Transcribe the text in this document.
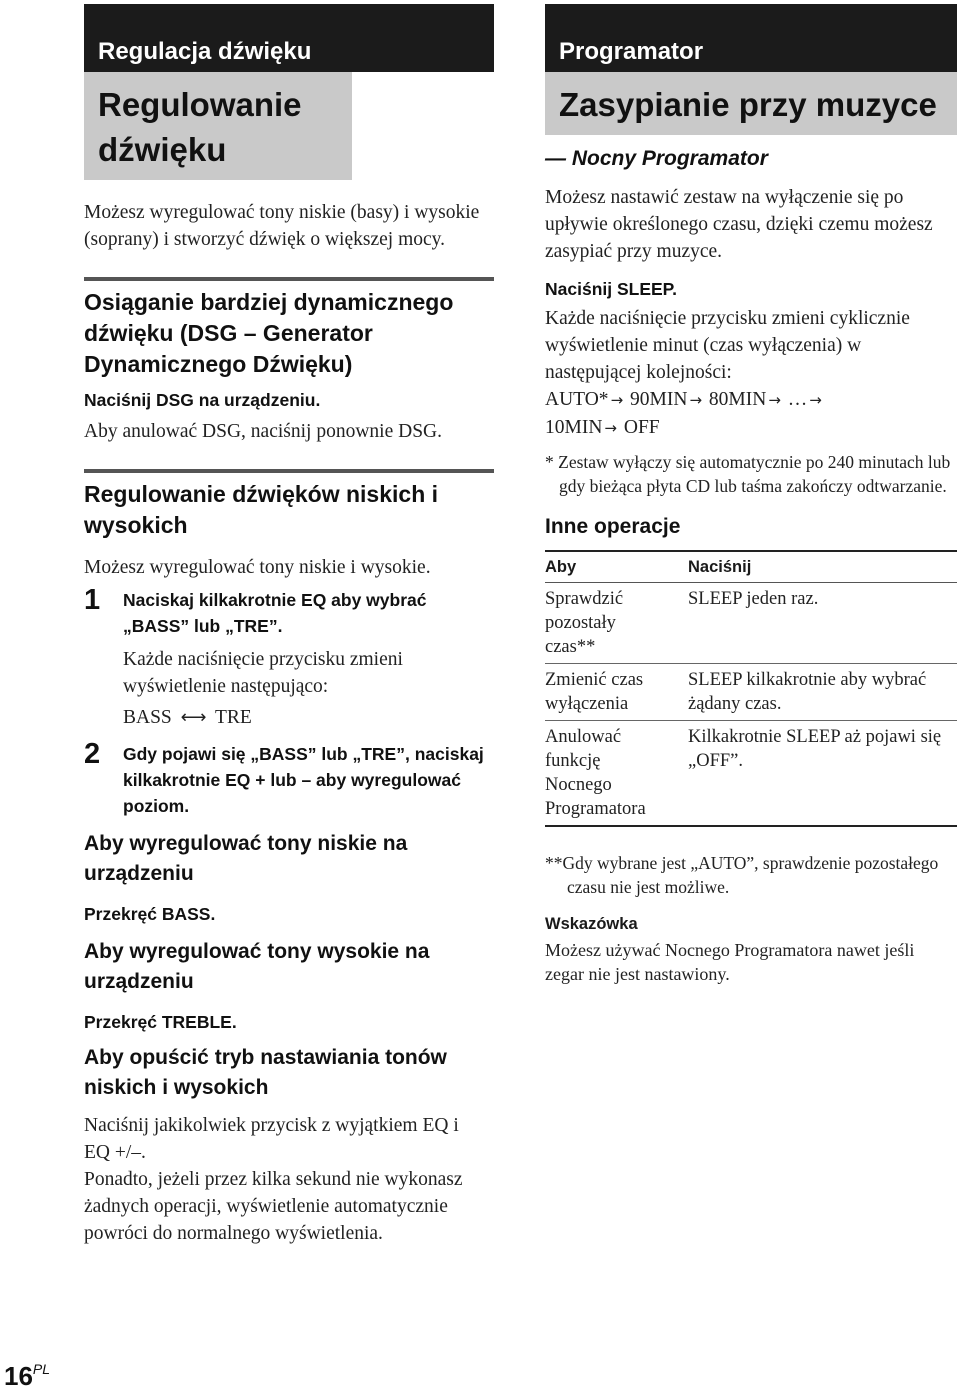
Regulacja dźwięku
Regulowanie dźwięku

Możesz wyregulować tony niskie (basy) i wysokie (soprany) i stworzyć dźwięk o większej mocy.

Osiąganie bardziej dynamicznego dźwięku (DSG – Generator Dynamicznego Dźwięku)
Naciśnij DSG na urządzeniu.

Aby anulować DSG, naciśnij ponownie DSG.

Regulowanie dźwięków niskich i wysokich

Możesz wyregulować tony niskie i wysokie.

1 Naciskaj kilkakrotnie EQ aby wybrać „BASS” lub „TRE”.

Każde naciśnięcie przycisku zmieni wyświetlenie następująco:

BASS ⟷ TRE

2 Gdy pojawi się „BASS” lub „TRE”, naciskaj kilkakrotnie EQ + lub – aby wyregulować poziom.
Aby wyregulować tony niskie na urządzeniu
Przekręć BASS.
Aby wyregulować tony wysokie na urządzeniu
Przekręć TREBLE.
Aby opuścić tryb nastawiania tonów niskich i wysokich

Naciśnij jakikolwiek przycisk z wyjątkiem EQ i EQ +/–.

Ponadto, jeżeli przez kilka sekund nie wykonasz żadnych operacji, wyświetlenie automatycznie powróci do normalnego wyświetlenia.

Programator
Zasypianie przy muzyce
— Nocny Programator

Możesz nastawić zestaw na wyłączenie się po upływie określonego czasu, dzięki czemu możesz zasypiać przy muzyce.

Naciśnij SLEEP.

Każde naciśnięcie przycisku zmieni cyklicznie wyświetlenie minut (czas wyłączenia) w następującej kolejności:

AUTO* → 90MIN → 80MIN → … →
10MIN → OFF

* Zestaw wyłączy się automatycznie po 240 minutach lub gdy bieżąca płyta CD lub taśma zakończy odtwarzanie.

Inne operacje
Aby	Naciśnij
Sprawdzić pozostały czas**	SLEEP jeden raz.
Zmienić czas wyłączenia	SLEEP kilkakrotnie aby wybrać żądany czas.
Anulować funkcję Nocnego Programatora	Kilkakrotnie SLEEP aż pojawi się „OFF”.

**Gdy wybrane jest „AUTO”, sprawdzenie pozostałego czasu nie jest możliwe.

Wskazówka

Możesz używać Nocnego Programatora nawet jeśli zegar nie jest nastawiony.

$16^{PL}$
